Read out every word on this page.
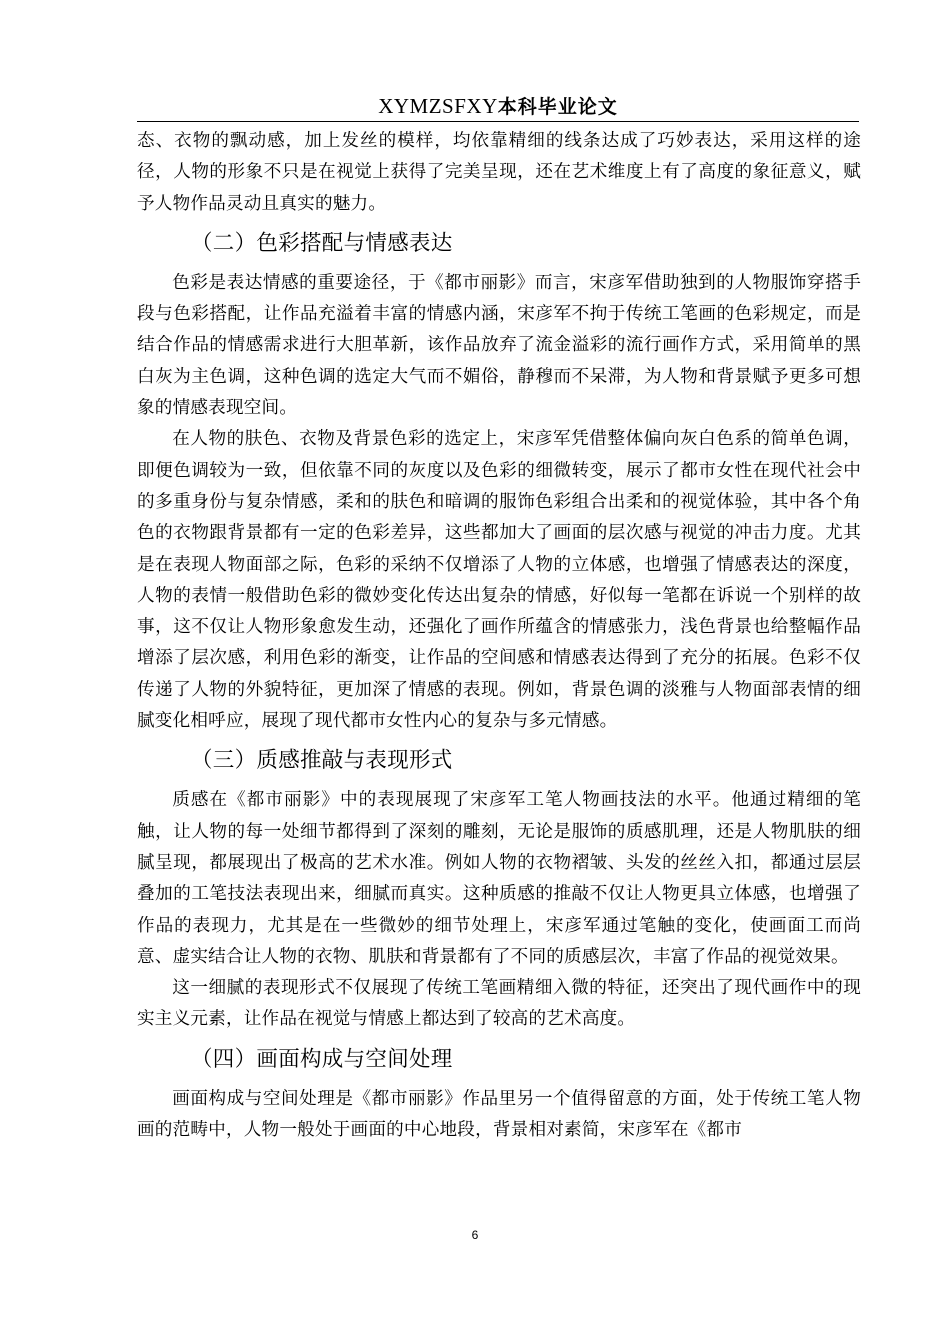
XYMZSFXY本科毕业论文

态、衣物的飘动感，加上发丝的模样，均依靠精细的线条达成了巧妙表达，采用这样的途径，人物的形象不只是在视觉上获得了完美呈现，还在艺术维度上有了高度的象征意义，赋予人物作品灵动且真实的魅力。

（二）色彩搭配与情感表达

色彩是表达情感的重要途径，于《都市丽影》而言，宋彦军借助独到的人物服饰穿搭手段与色彩搭配，让作品充溢着丰富的情感内涵，宋彦军不拘于传统工笔画的色彩规定，而是结合作品的情感需求进行大胆革新，该作品放弃了流金溢彩的流行画作方式，采用简单的黑白灰为主色调，这种色调的选定大气而不媚俗，静穆而不呆滞，为人物和背景赋予更多可想象的情感表现空间。

在人物的肤色、衣物及背景色彩的选定上，宋彦军凭借整体偏向灰白色系的简单色调，即便色调较为一致，但依靠不同的灰度以及色彩的细微转变，展示了都市女性在现代社会中的多重身份与复杂情感，柔和的肤色和暗调的服饰色彩组合出柔和的视觉体验，其中各个角色的衣物跟背景都有一定的色彩差异，这些都加大了画面的层次感与视觉的冲击力度。尤其是在表现人物面部之际，色彩的采纳不仅增添了人物的立体感，也增强了情感表达的深度，人物的表情一般借助色彩的微妙变化传达出复杂的情感，好似每一笔都在诉说一个别样的故事，这不仅让人物形象愈发生动，还强化了画作所蕴含的情感张力，浅色背景也给整幅作品增添了层次感，利用色彩的渐变，让作品的空间感和情感表达得到了充分的拓展。色彩不仅传递了人物的外貌特征，更加深了情感的表现。例如，背景色调的淡雅与人物面部表情的细腻变化相呼应，展现了现代都市女性内心的复杂与多元情感。

（三）质感推敲与表现形式

质感在《都市丽影》中的表现展现了宋彦军工笔人物画技法的水平。他通过精细的笔触，让人物的每一处细节都得到了深刻的雕刻，无论是服饰的质感肌理，还是人物肌肤的细腻呈现，都展现出了极高的艺术水准。例如人物的衣物褶皱、头发的丝丝入扣，都通过层层叠加的工笔技法表现出来，细腻而真实。这种质感的推敲不仅让人物更具立体感，也增强了作品的表现力，尤其是在一些微妙的细节处理上，宋彦军通过笔触的变化，使画面工而尚意、虚实结合让人物的衣物、肌肤和背景都有了不同的质感层次，丰富了作品的视觉效果。

这一细腻的表现形式不仅展现了传统工笔画精细入微的特征，还突出了现代画作中的现实主义元素，让作品在视觉与情感上都达到了较高的艺术高度。

（四）画面构成与空间处理

画面构成与空间处理是《都市丽影》作品里另一个值得留意的方面，处于传统工笔人物画的范畴中，人物一般处于画面的中心地段，背景相对素简，宋彦军在《都市

6
